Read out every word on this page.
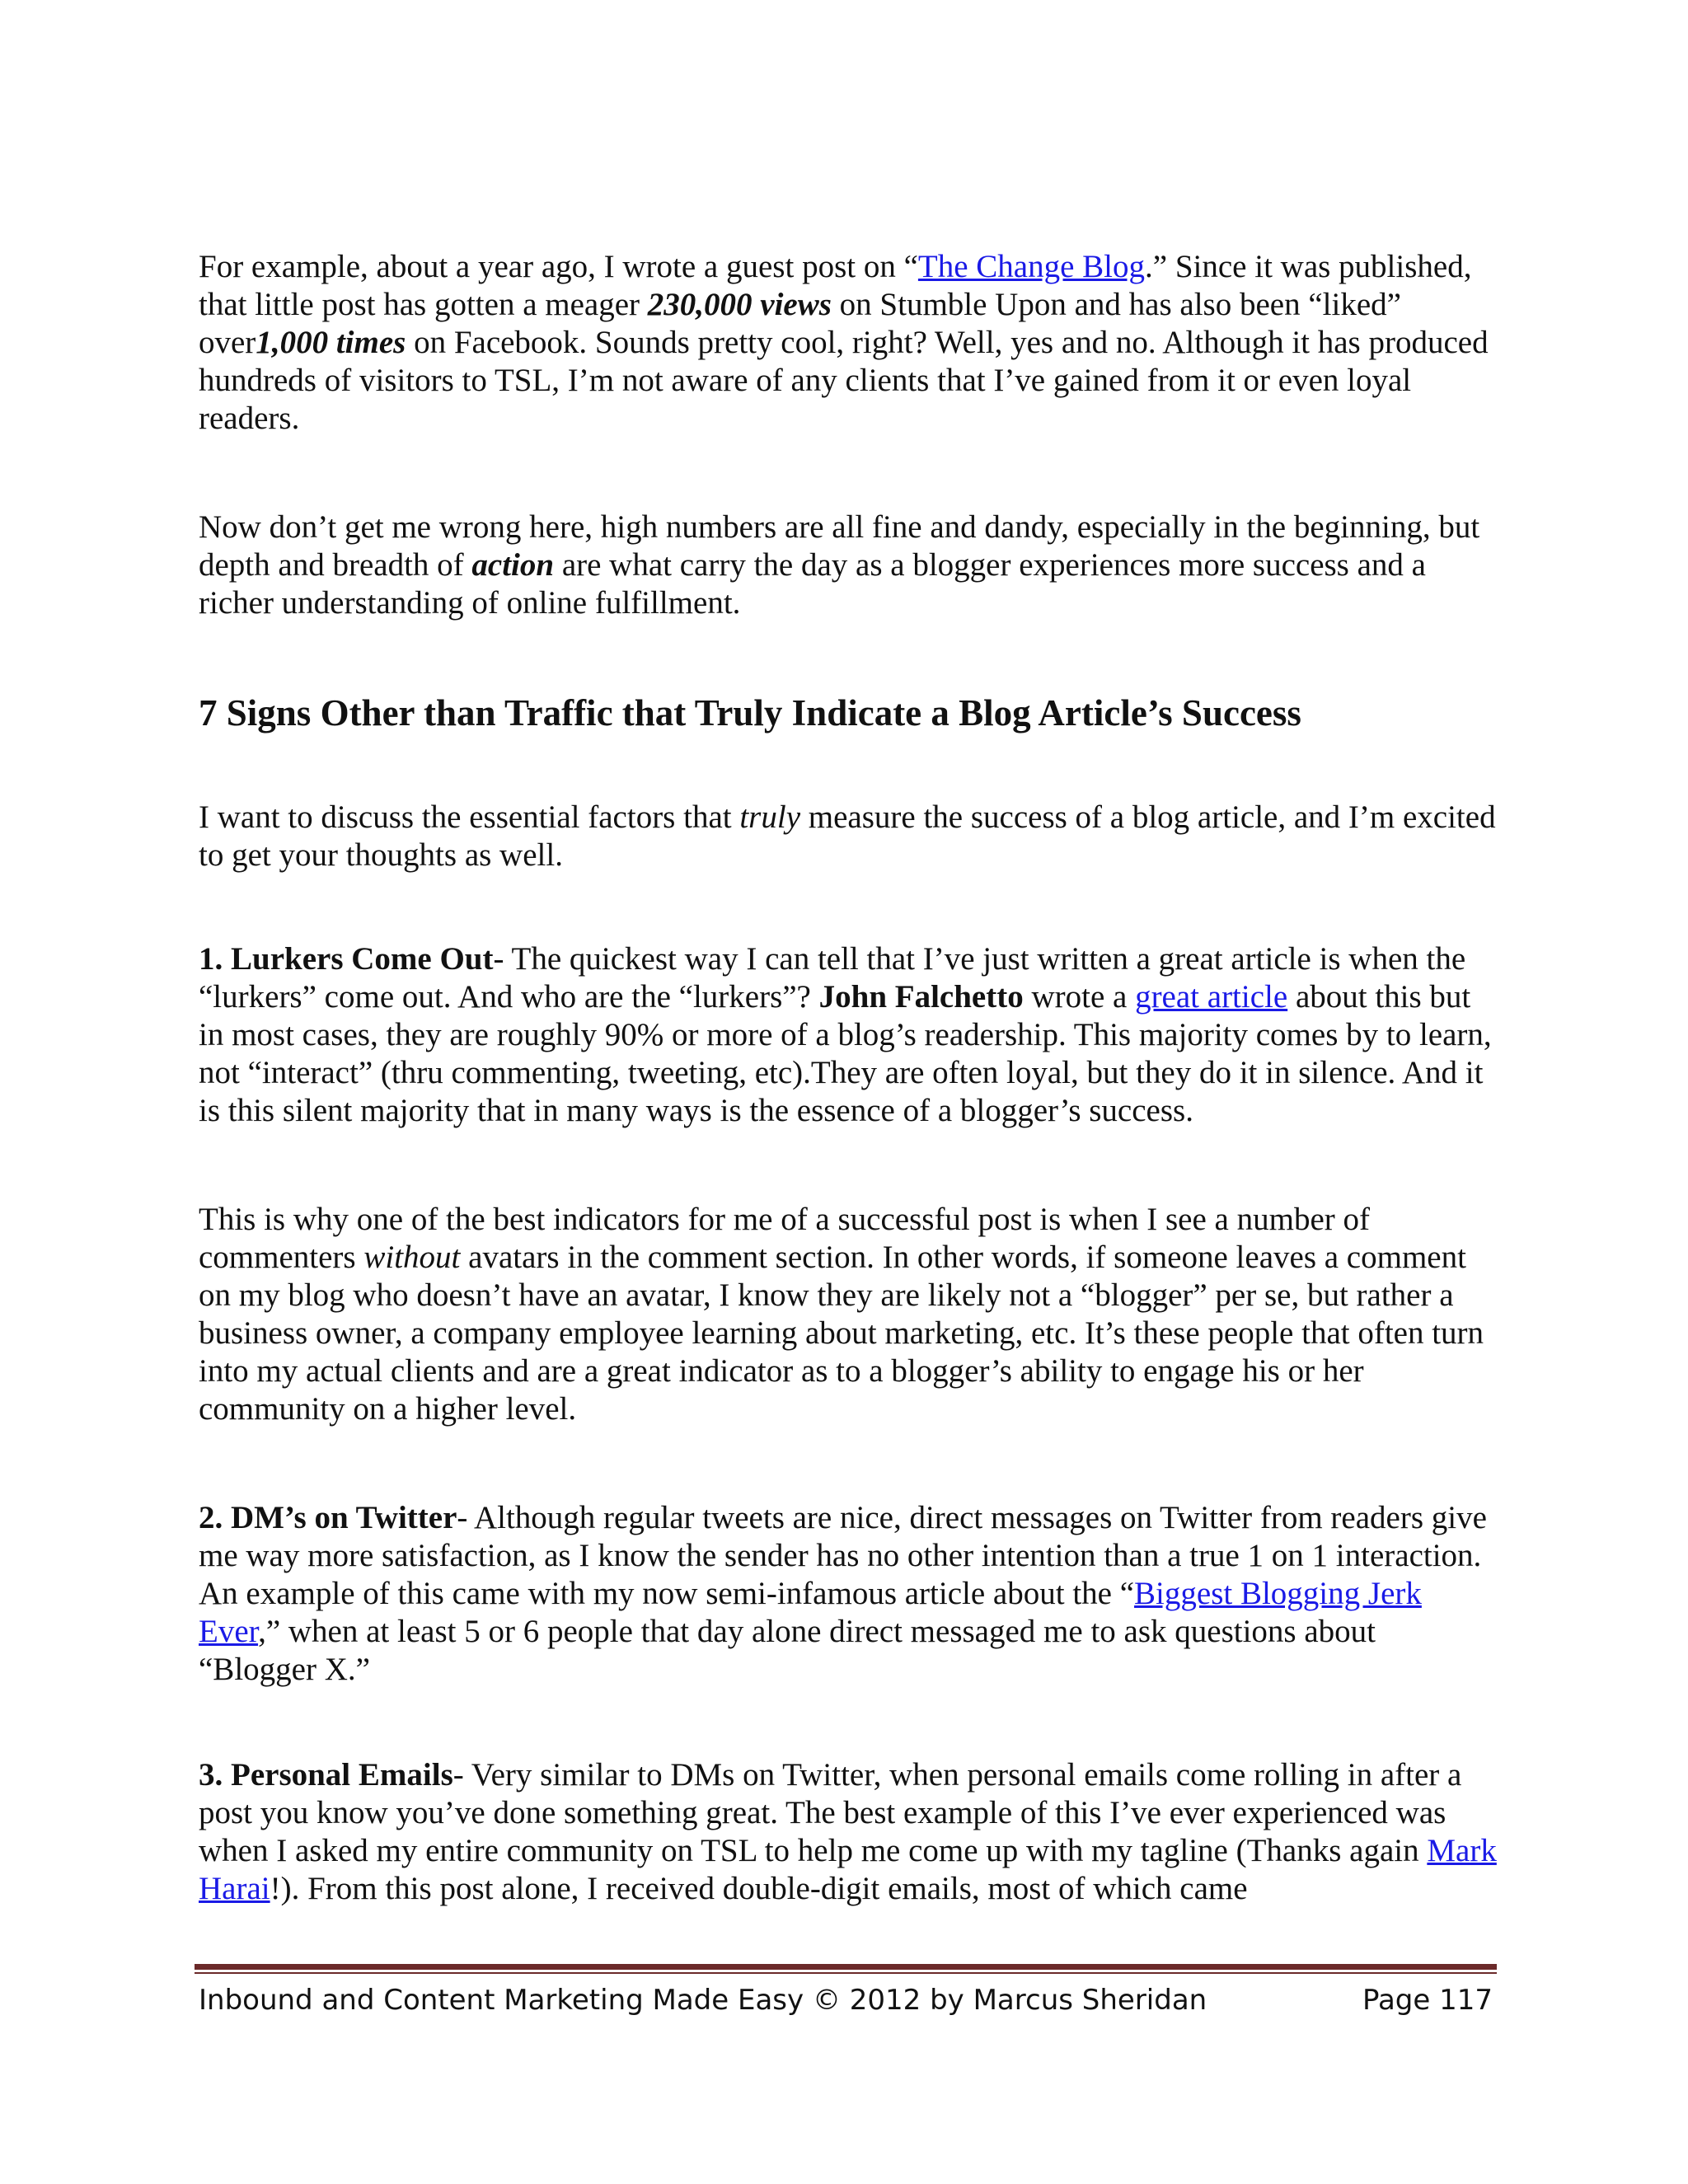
For example, about a year ago, I wrote a guest post on “The Change Blog.” Since it was published, that little post has gotten a meager 230,000 views on Stumble Upon and has also been “liked” over1,000 times on Facebook. Sounds pretty cool, right? Well, yes and no. Although it has produced hundreds of visitors to TSL, I’m not aware of any clients that I’ve gained from it or even loyal readers.

Now don’t get me wrong here, high numbers are all fine and dandy, especially in the beginning, but depth and breadth of action are what carry the day as a blogger experiences more success and a richer understanding of online fulfillment.

7 Signs Other than Traffic that Truly Indicate a Blog Article’s Success

I want to discuss the essential factors that truly measure the success of a blog article, and I’m excited to get your thoughts as well.

1. Lurkers Come Out- The quickest way I can tell that I’ve just written a great article is when the “lurkers” come out. And who are the “lurkers”? John Falchetto wrote a great article about this but in most cases, they are roughly 90% or more of a blog’s readership. This majority comes by to learn, not “interact” (thru commenting, tweeting, etc).They are often loyal, but they do it in silence. And it is this silent majority that in many ways is the essence of a blogger’s success.

This is why one of the best indicators for me of a successful post is when I see a number of commenters without avatars in the comment section. In other words, if someone leaves a comment on my blog who doesn’t have an avatar, I know they are likely not a “blogger” per se, but rather a business owner, a company employee learning about marketing, etc. It’s these people that often turn into my actual clients and are a great indicator as to a blogger’s ability to engage his or her community on a higher level.

2. DM’s on Twitter- Although regular tweets are nice, direct messages on Twitter from readers give me way more satisfaction, as I know the sender has no other intention than a true 1 on 1 interaction. An example of this came with my now semi-infamous article about the “Biggest Blogging Jerk Ever,” when at least 5 or 6 people that day alone direct messaged me to ask questions about “Blogger X.”

3. Personal Emails- Very similar to DMs on Twitter, when personal emails come rolling in after a post you know you’ve done something great. The best example of this I’ve ever experienced was when I asked my entire community on TSL to help me come up with my tagline (Thanks again Mark Harai!). From this post alone, I received double-digit emails, most of which came

Inbound and Content Marketing Made Easy © 2012 by Marcus Sheridan	Page 117
